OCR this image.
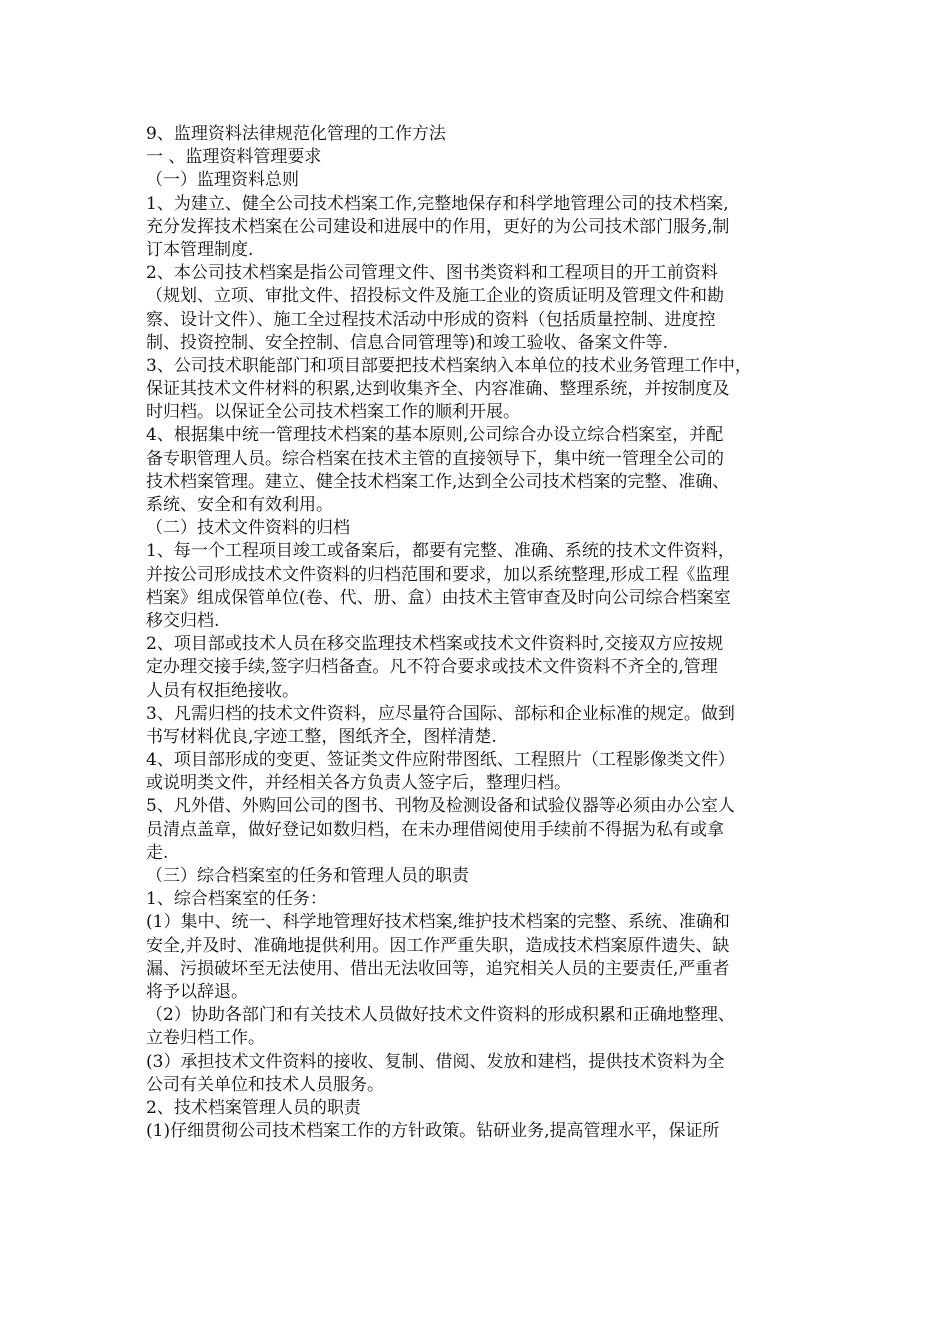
9、监理资料法律规范化管理的工作方法
一 、监理资料管理要求
（一）监理资料总则
1、为建立、健全公司技术档案工作,完整地保存和科学地管理公司的技术档案,
充分发挥技术档案在公司建设和进展中的作用，更好的为公司技术部门服务,制
订本管理制度.
2、本公司技术档案是指公司管理文件、图书类资料和工程项目的开工前资料
（规划、立项、审批文件、招投标文件及施工企业的资质证明及管理文件和勘
察、设计文件）、施工全过程技术活动中形成的资料（包括质量控制、进度控
制、投资控制、安全控制、信息合同管理等)和竣工验收、备案文件等.
3、公司技术职能部门和项目部要把技术档案纳入本单位的技术业务管理工作中，
保证其技术文件材料的积累,达到收集齐全、内容准确、整理系统，并按制度及
时归档。以保证全公司技术档案工作的顺利开展。
4、根据集中统一管理技术档案的基本原则,公司综合办设立综合档案室，并配
备专职管理人员。综合档案在技术主管的直接领导下，集中统一管理全公司的
技术档案管理。建立、健全技术档案工作,达到全公司技术档案的完整、准确、
系统、安全和有效利用。
（二）技术文件资料的归档
1、每一个工程项目竣工或备案后，都要有完整、准确、系统的技术文件资料，
并按公司形成技术文件资料的归档范围和要求，加以系统整理,形成工程《监理
档案》组成保管单位(卷、代、册、盒）由技术主管审查及时向公司综合档案室
移交归档.
2、项目部或技术人员在移交监理技术档案或技术文件资料时,交接双方应按规
定办理交接手续,签字归档备查。凡不符合要求或技术文件资料不齐全的,管理
人员有权拒绝接收。
3、凡需归档的技术文件资料，应尽量符合国际、部标和企业标准的规定。做到
书写材料优良,字迹工整，图纸齐全，图样清楚.
4、项目部形成的变更、签证类文件应附带图纸、工程照片（工程影像类文件）
或说明类文件，并经相关各方负责人签字后，整理归档。
5、凡外借、外购回公司的图书、刊物及检测设备和试验仪器等必须由办公室人
员清点盖章，做好登记如数归档，在未办理借阅使用手续前不得据为私有或拿
走.
（三）综合档案室的任务和管理人员的职责
1、综合档案室的任务：
(1）集中、统一、科学地管理好技术档案,维护技术档案的完整、系统、准确和
安全,并及时、准确地提供利用。因工作严重失职，造成技术档案原件遗失、缺
漏、污损破坏至无法使用、借出无法收回等，追究相关人员的主要责任,严重者
将予以辞退。
（2）协助各部门和有关技术人员做好技术文件资料的形成积累和正确地整理、
立卷归档工作。
(3）承担技术文件资料的接收、复制、借阅、发放和建档，提供技术资料为全
公司有关单位和技术人员服务。
2、技术档案管理人员的职责
(1)仔细贯彻公司技术档案工作的方针政策。钻研业务,提高管理水平，保证所
